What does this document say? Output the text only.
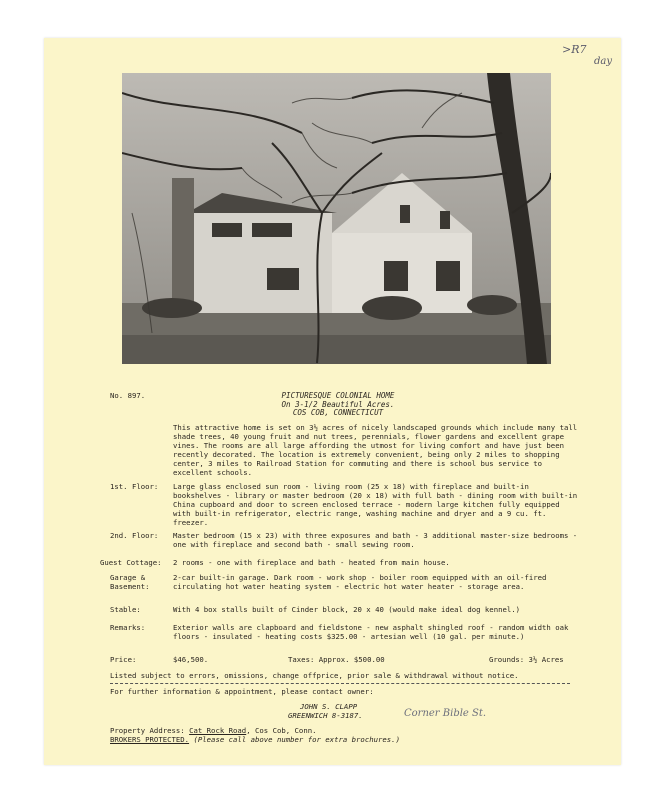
>R7
day
No. 897.	PICTURESQUE COLONIAL HOME
On 3-1/2 Beautiful Acres.
COS COB, CONNECTICUT
This attractive home is set on 3½ acres of nicely landscaped grounds which include many tall shade trees, 40 young fruit and nut trees, perennials, flower gardens and excellent grape vines. The rooms are all large affording the utmost for living comfort and have just been recently decorated. The location is extremely convenient, being only 2 miles to shopping center, 3 miles to Railroad Station for commuting and there is school bus service to excellent schools.
1st. Floor: Large glass enclosed sun room - living room (25 x 18) with fireplace and built-in bookshelves - library or master bedroom (20 x 18) with full bath - dining room with built-in China cupboard and door to screen enclosed terrace - modern large kitchen fully equipped with built-in refrigerator, electric range, washing machine and dryer and a 9 cu. ft. freezer.
2nd. Floor: Master bedroom (15 x 23) with three exposures and bath - 3 additional master-size bedrooms - one with fireplace and second bath - small sewing room.
Guest Cottage: 2 rooms - one with fireplace and bath - heated from main house.
Garage & Basement:
2-car built-in garage. Dark room - work shop - boiler room equipped with an oil-fired circulating hot water heating system - electric hot water heater - storage area.
Stable:	With 4 box stalls built of Cinder block, 20 x 40 (would make ideal dog kennel.)
Remarks:	Exterior walls are clapboard and fieldstone - new asphalt shingled roof - random width oak floors - insulated - heating costs $325.00 - artesian well (10 gal. per minute.)
Price:	$46,500.	Taxes: Approx. $500.00	Grounds: 3½ Acres
Listed subject to errors, omissions, change offprice, prior sale & withdrawal without notice.
For further information & appointment, please contact owner:
JOHN S. CLAPP
GREENWICH 8-3187.	Corner Bible St.
Property Address: Cat Rock Road, Cos Cob, Conn.
BROKERS PROTECTED. (Please call above number for extra brochures.)
